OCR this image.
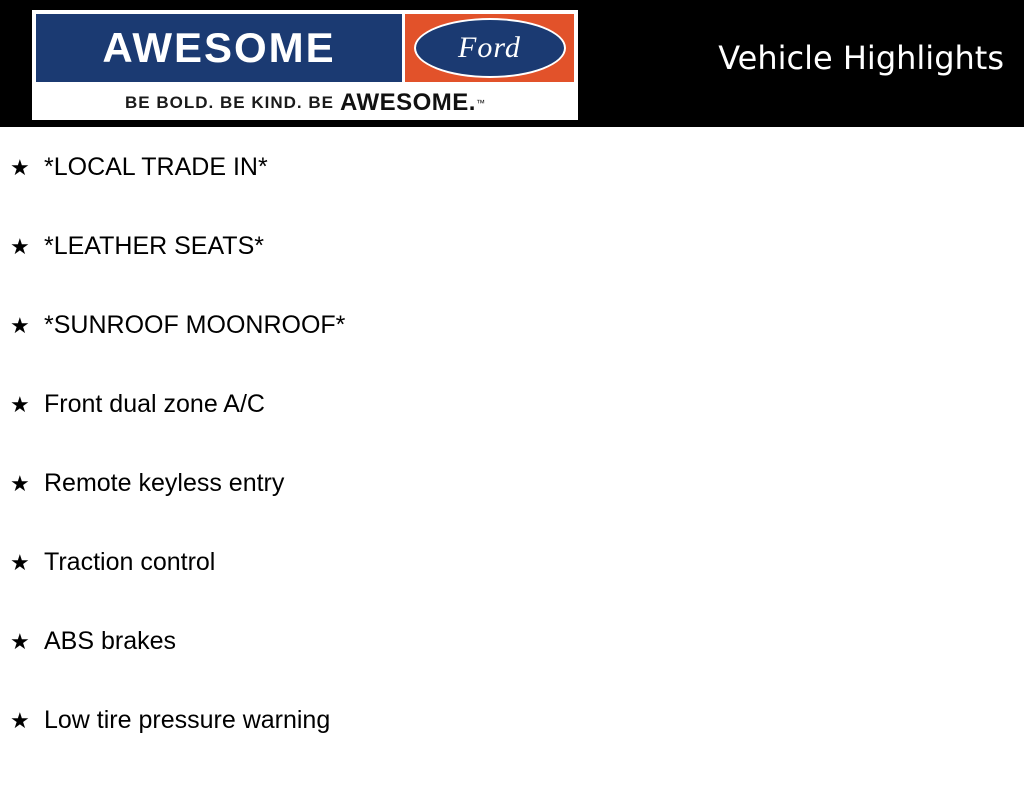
AWESOME	Ford
BE BOLD. BE KIND. BE AWESOME. ™
Vehicle Highlights
★ *LOCAL TRADE IN*
★ *LEATHER SEATS*
★ *SUNROOF MOONROOF*
★ Front dual zone A/C
★ Remote keyless entry
★ Traction control
★ ABS brakes
★ Low tire pressure warning
